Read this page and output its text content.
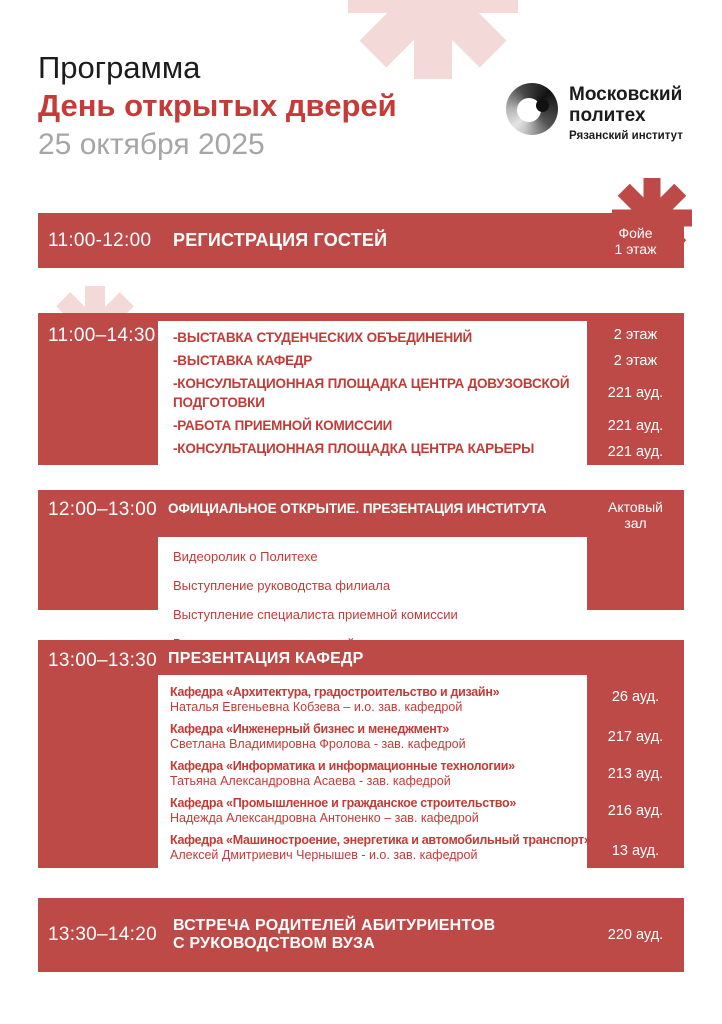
Программа
День открытых дверей
25 октября 2025
Московский
политех
Рязанский институт
11:00-12:00	РЕГИСТРАЦИЯ ГОСТЕЙ	Фойе
1 этаж
11:00–14:30	-ВЫСТАВКА СТУДЕНЧЕСКИХ ОБЪЕДИНЕНИЙ	2 этаж
-ВЫСТАВКА КАФЕДР	2 этаж
-КОНСУЛЬТАЦИОННАЯ ПЛОЩАДКА ЦЕНТРА ДОВУЗОВСКОЙ ПОДГОТОВКИ
221 ауд.
-РАБОТА ПРИЕМНОЙ КОМИССИИ	221 ауд.
-КОНСУЛЬТАЦИОННАЯ ПЛОЩАДКА ЦЕНТРА КАРЬЕРЫ	221 ауд.
12:00–13:00 ОФИЦИАЛЬНОЕ ОТКРЫТИЕ. ПРЕЗЕНТАЦИЯ ИНСТИТУТА	Актовый
зал
Видеоролик о Политехе
Выступление руководства филиала
Выступление специалиста приемной комиссии
13:00–13:30 ПРЕЗЕНТАЦИЯ КАФЕДР
Кафедра «Архитектура, градостроительство и дизайн»
Наталья Евгеньевна Кобзева – и.о. зав. кафедрой
26 ауд.
Кафедра «Инженерный бизнес и менеджмент»
Светлана Владимировна Фролова - зав. кафедрой	217 ауд.
Кафедра «Информатика и информационные технологии»
Татьяна Александровна Асаева - зав. кафедрой	213 ауд.
Кафедра «Промышленное и гражданское строительство»
Надежда Александровна Антоненко – зав. кафедрой	216 ауд.
Кафедра «Машиностроение, энергетика и автомобильный транспорт»
Алексей Дмитриевич Чернышев - и.о. зав. кафедрой	13 ауд.
13:30–14:20 ВСТРЕЧА РОДИТЕЛЕЙ АБИТУРИЕНТОВ
С РУКОВОДСТВОМ ВУЗА	220 ауд.
